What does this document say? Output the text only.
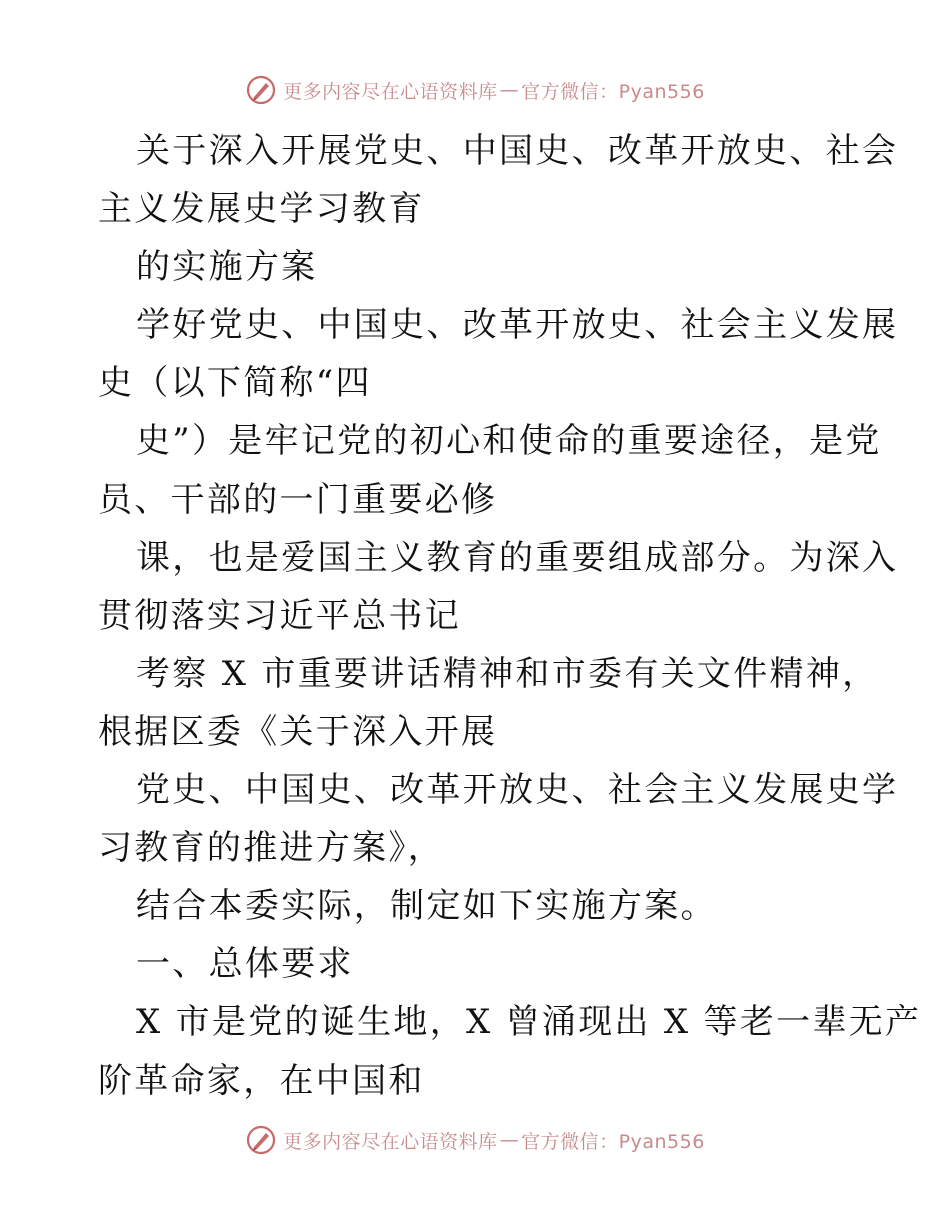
更多内容尽在心语资料库 — 官方微信：Pyan556
关于深入开展党史、中国史、改革开放史、社会
主义发展史学习教育
的实施方案
学好党史、中国史、改革开放史、社会主义发展
史（以下简称“四
史”）是牢记党的初心和使命的重要途径，是党
员、干部的一门重要必修
课，也是爱国主义教育的重要组成部分。为深入
贯彻落实习近平总书记
考察 X 市重要讲话精神和市委有关文件精神，
根据区委《关于深入开展
党史、中国史、改革开放史、社会主义发展史学
习教育的推进方案》，
结合本委实际，制定如下实施方案。
一、总体要求
X 市是党的诞生地，X 曾涌现出 X 等老一辈无产
阶革命家，在中国和
更多内容尽在心语资料库 — 官方微信：Pyan556
